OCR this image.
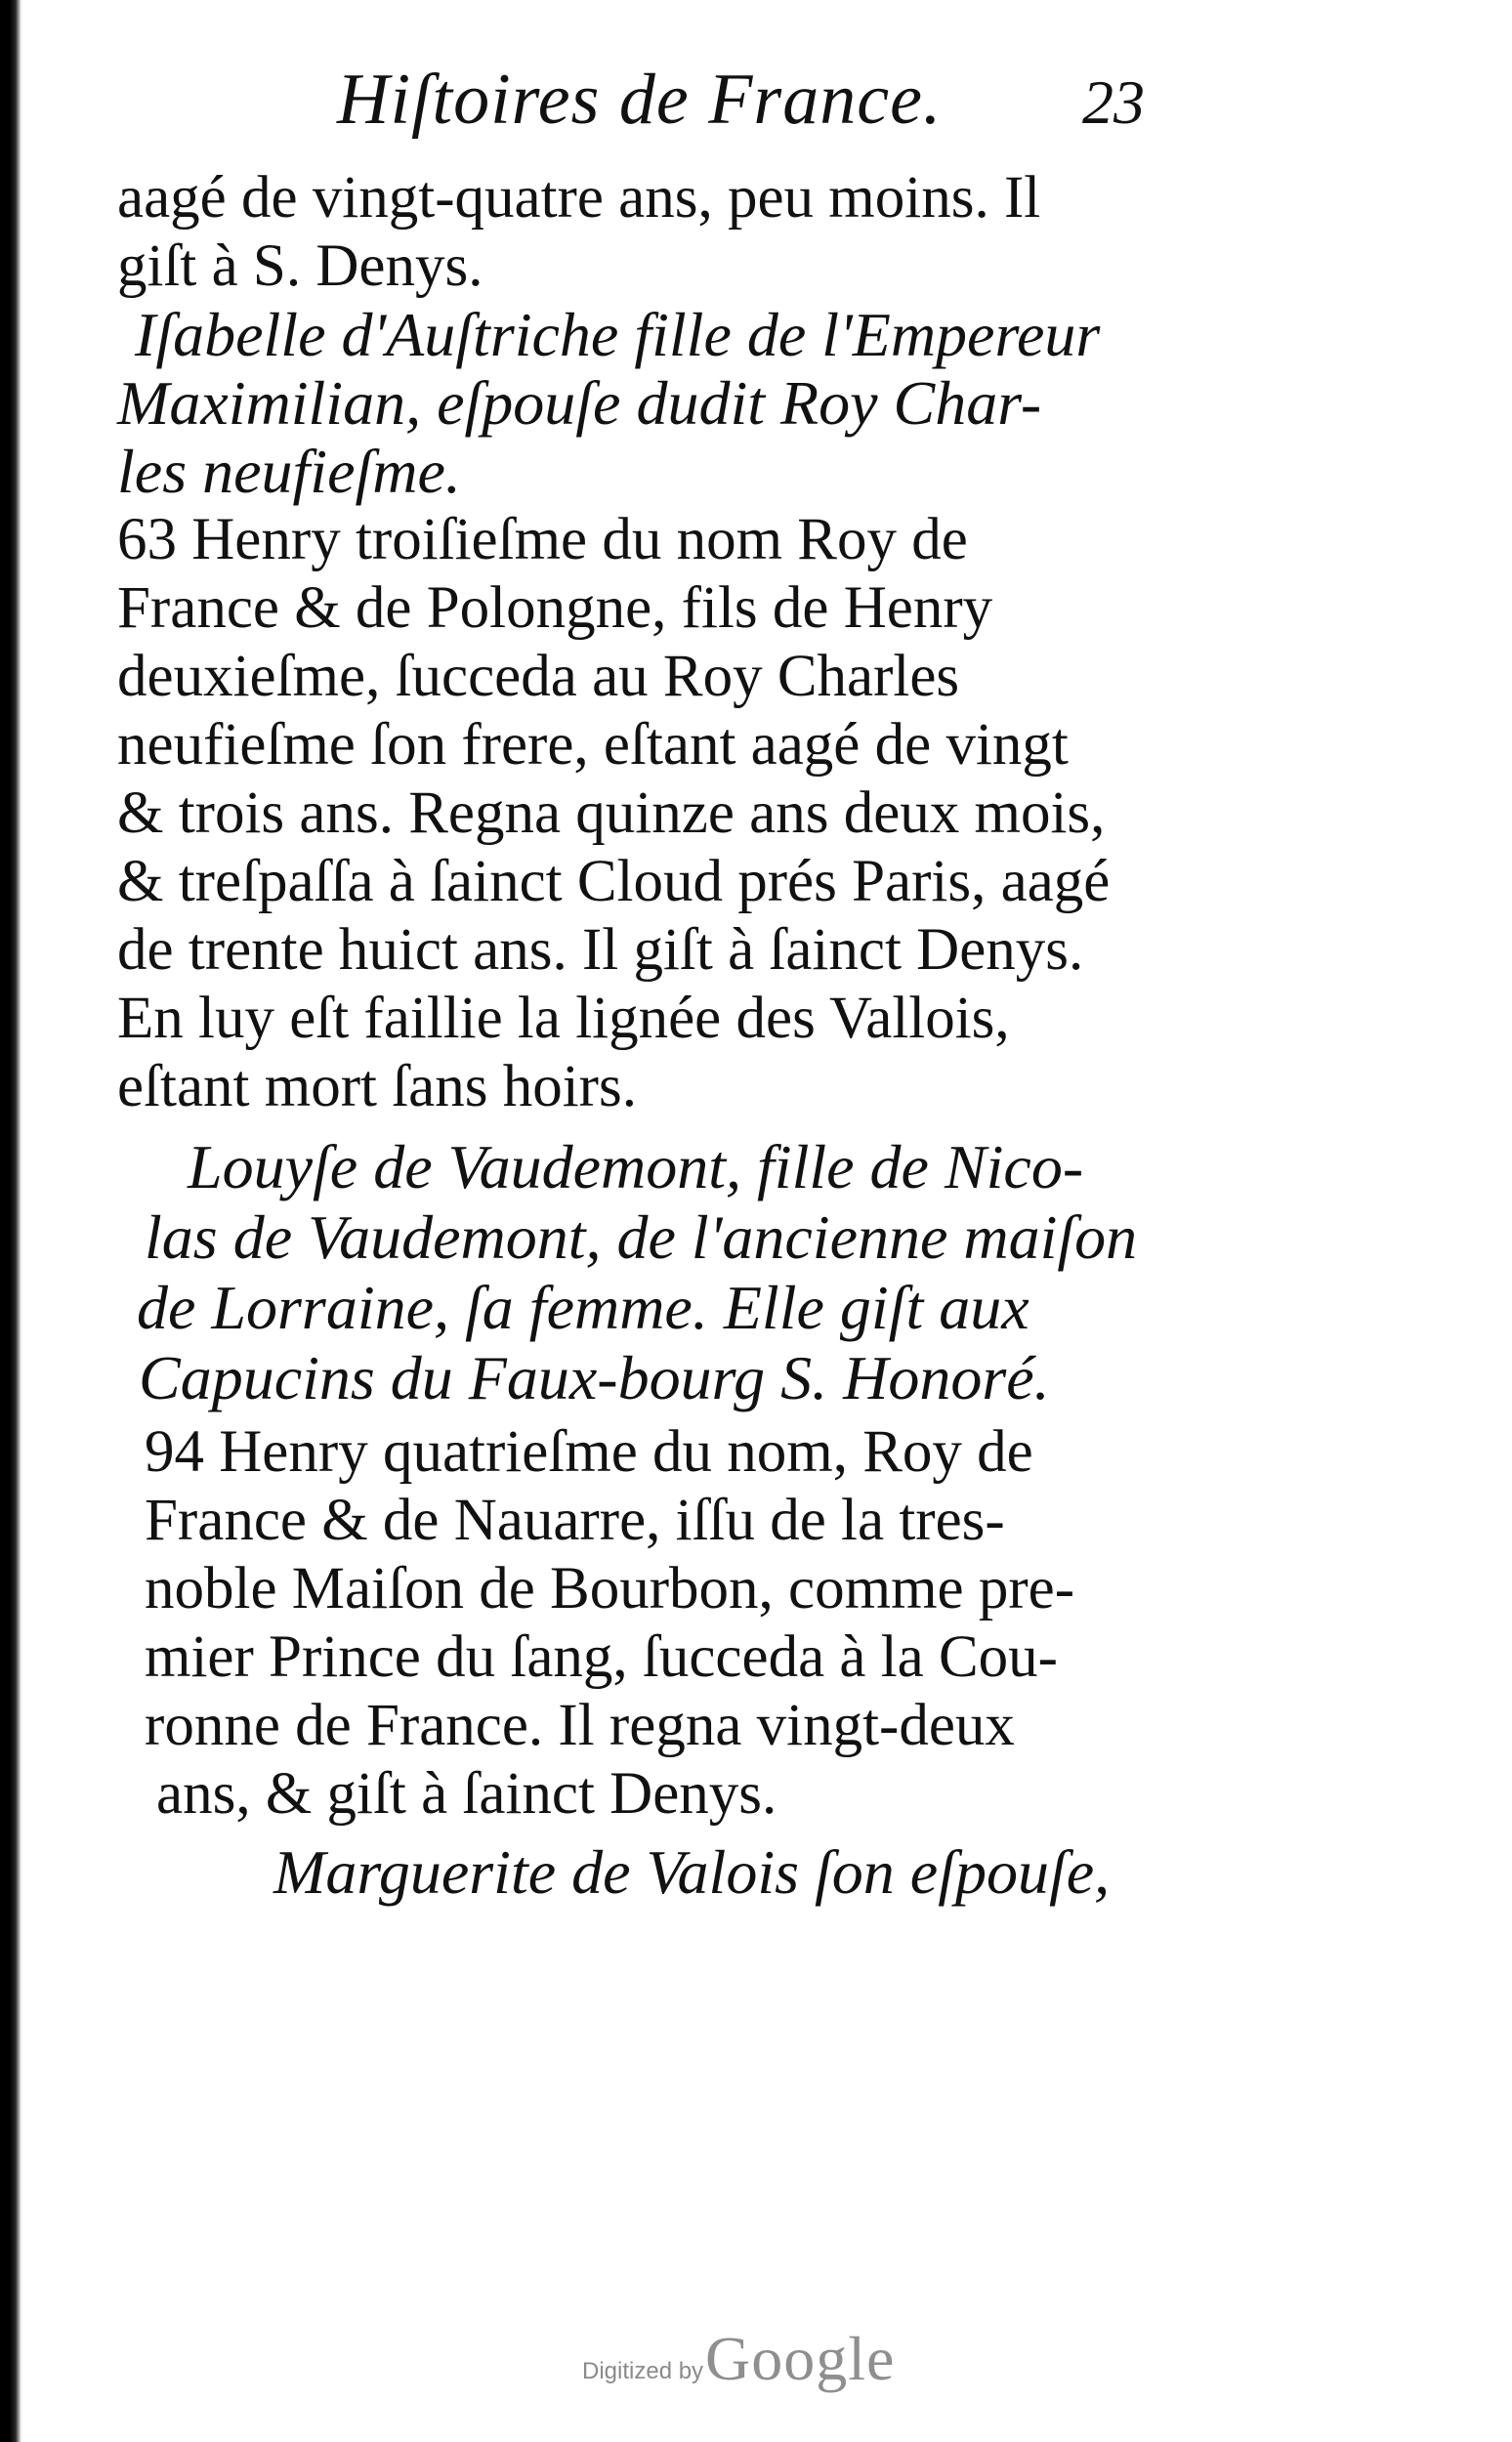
Hiſtoires de France. 23
aagé de vingt-quatre ans, peu moins. Il
giſt à S. Denys.
Iſabelle d'Auſtriche fille de l'Empereur
Maximilian, eſpouſe dudit Roy Char-
les neufieſme.
63 Henry troiſieſme du nom Roy de
France & de Polongne, fils de Henry
deuxieſme, ſucceda au Roy Charles
neufieſme ſon frere, eſtant aagé de vingt
& trois ans. Regna quinze ans deux mois,
& treſpaſſa à ſainct Cloud prés Paris, aagé
de trente huict ans. Il giſt à ſainct Denys.
En luy eſt faillie la lignée des Vallois,
eſtant mort ſans hoirs.
Louyſe de Vaudemont, fille de Nico-
las de Vaudemont, de l'ancienne maiſon
de Lorraine, ſa femme. Elle giſt aux
Capucins du Faux-bourg S. Honoré.
94 Henry quatrieſme du nom, Roy de
France & de Nauarre, iſſu de la tres-
noble Maiſon de Bourbon, comme pre-
mier Prince du ſang, ſucceda à la Cou-
ronne de France. Il regna vingt-deux
ans, & giſt à ſainct Denys.
Marguerite de Valois ſon eſpouſe,
Digitized by Google
